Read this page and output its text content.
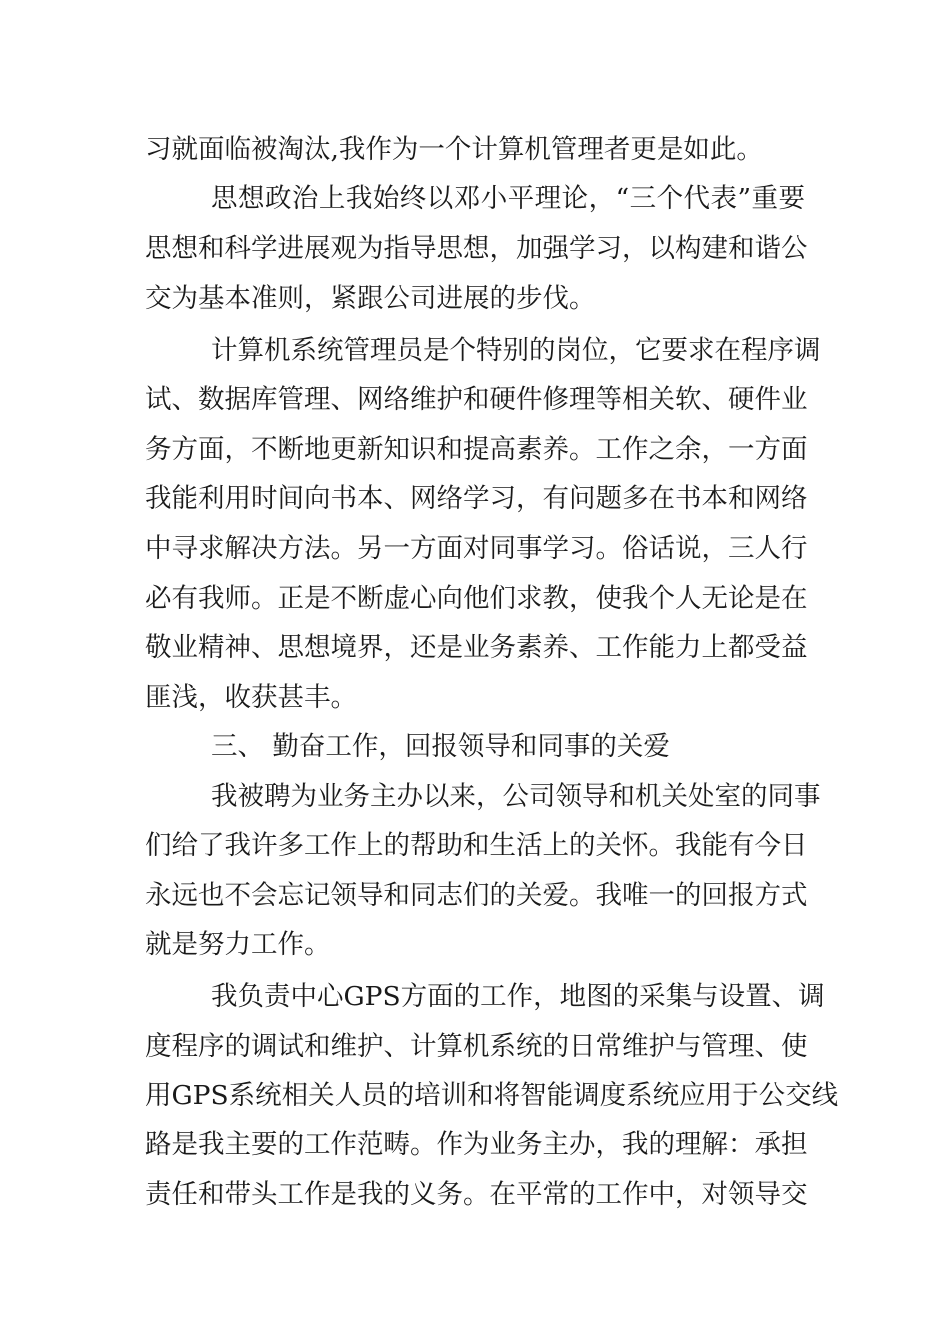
习就面临被淘汰,我作为一个计算机管理者更是如此。
思想政治上我始终以邓小平理论，“三个代表”重要
思想和科学进展观为指导思想，加强学习，以构建和谐公
交为基本准则，紧跟公司进展的步伐。
计算机系统管理员是个特别的岗位，它要求在程序调
试、数据库管理、网络维护和硬件修理等相关软、硬件业
务方面，不断地更新知识和提高素养。工作之余，一方面
我能利用时间向书本、网络学习，有问题多在书本和网络
中寻求解决方法。另一方面对同事学习。俗话说，三人行
必有我师。正是不断虚心向他们求教，使我个人无论是在
敬业精神、思想境界，还是业务素养、工作能力上都受益
匪浅，收获甚丰。
三、 勤奋工作，回报领导和同事的关爱
我被聘为业务主办以来，公司领导和机关处室的同事
们给了我许多工作上的帮助和生活上的关怀。我能有今日
永远也不会忘记领导和同志们的关爱。我唯一的回报方式
就是努力工作。
我负责中心GPS方面的工作，地图的采集与设置、调
度程序的调试和维护、计算机系统的日常维护与管理、使
用GPS系统相关人员的培训和将智能调度系统应用于公交线
路是我主要的工作范畴。作为业务主办，我的理解：承担
责任和带头工作是我的义务。在平常的工作中，对领导交
